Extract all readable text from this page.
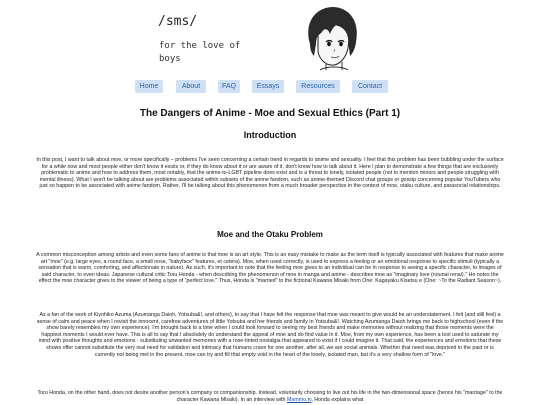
/sms/
for the love of boys
Home	About	FAQ	Essays	Resources	Contact
The Dangers of Anime - Moe and Sexual Ethics (Part 1)
Introduction
In this post, I want to talk about moe, or more specifically – problems I've seen concerning a certain trend in regards to anime and sexuality. I feel that this problem has been bubbling under the surface for a while now and most people either don't know it exists or, if they do know about it or are aware of it, don't know how to talk about it. Here I plan to demonstrate a few things that are exclusively problematic to anime and how to address them, most notably, that the anime-to-LGBT pipeline does exist and is a threat to lonely, isolated people (not to mention minors and people struggling with mental illness). What I won't be talking about are problems associated within subsets of the anime fandom, such as anime-themed Discord chat groups or gossip concerning popular YouTubers who just so happen to be associated with anime fandom. Rather, I'll be talking about this phenomenon from a much broader perspective in the context of moe, otaku culture, and parasocial relationships.
Moe and the Otaku Problem
A common misconception among artists and even some fans of anime is that moe is an art style. This is an easy mistake to make as the term itself is typically associated with features that make anime art "moe" (e.g. large eyes, a round face, a small nose, "babyface" features, et cetera). Moe, when used correctly, is used to express a feeling or an emotional response to specific stimuli (typically a sensation that is warm, comforting, and affectionate in nature). As such, it's important to note that the feeling moe gives to an individual can be in response to seeing a specific character, to images of said character, to even ideas. Japanese cultural critic Toru Honda - when describing the phenomenon of moe in manga and anime - describes moe as "imaginary love (nounai renai)." He notes the effect the moe character gives to the viewer of being a type of "perfect love." Thus, Honda is "married" to the fictional Kawana Misaki from One: Kagayaku Kisetsu e (One: ~To the Radiant Season~).
As a fan of the work of Kiyohiko Azuma (Azumanga Daioh, Yotsuba&!, and others), to say that I have felt the response that moe was meant to give would be an understatement. I felt (and still feel) a sense of calm and peace when I revisit the innocent, carefree adventures of little Yotsuba and her friends and family in Yotsuba&!. Watching Azumanga Daioh brings me back to highschool (even if the show barely resembles my own experience). I'm brought back to a time when I could look forward to seeing my best friends and make memories without realizing that those moments were the happiest moments I would ever have. This is all to say that I absolutely do understand the appeal of moe and do find value in it. Moe, from my own experience, has been a tool used to saturate my mind with positive thoughts and emotions - substituting unwanted memories with a rose-tinted nostalgia that appeared to exist if I could imagine it. That said, the experiences and emotions that these shows offer cannot substitute the very real need for validation and intimacy that humans crave for one another, after all, we are social animals. Whether that need was deprived in the past or is currently not being met in the present, moe can try and fill that empty void in the heart of the lonely, isolated man, but it's a very shallow form of "love."
Toru Honda, on the other hand, does not desire another person's company or companionship. Instead, voluntarily choosing to live out his life in the two-dimensional space (hence his "marriage" to the character Kawana Misaki). In an interview with Mammo.tv, Honda explains what
